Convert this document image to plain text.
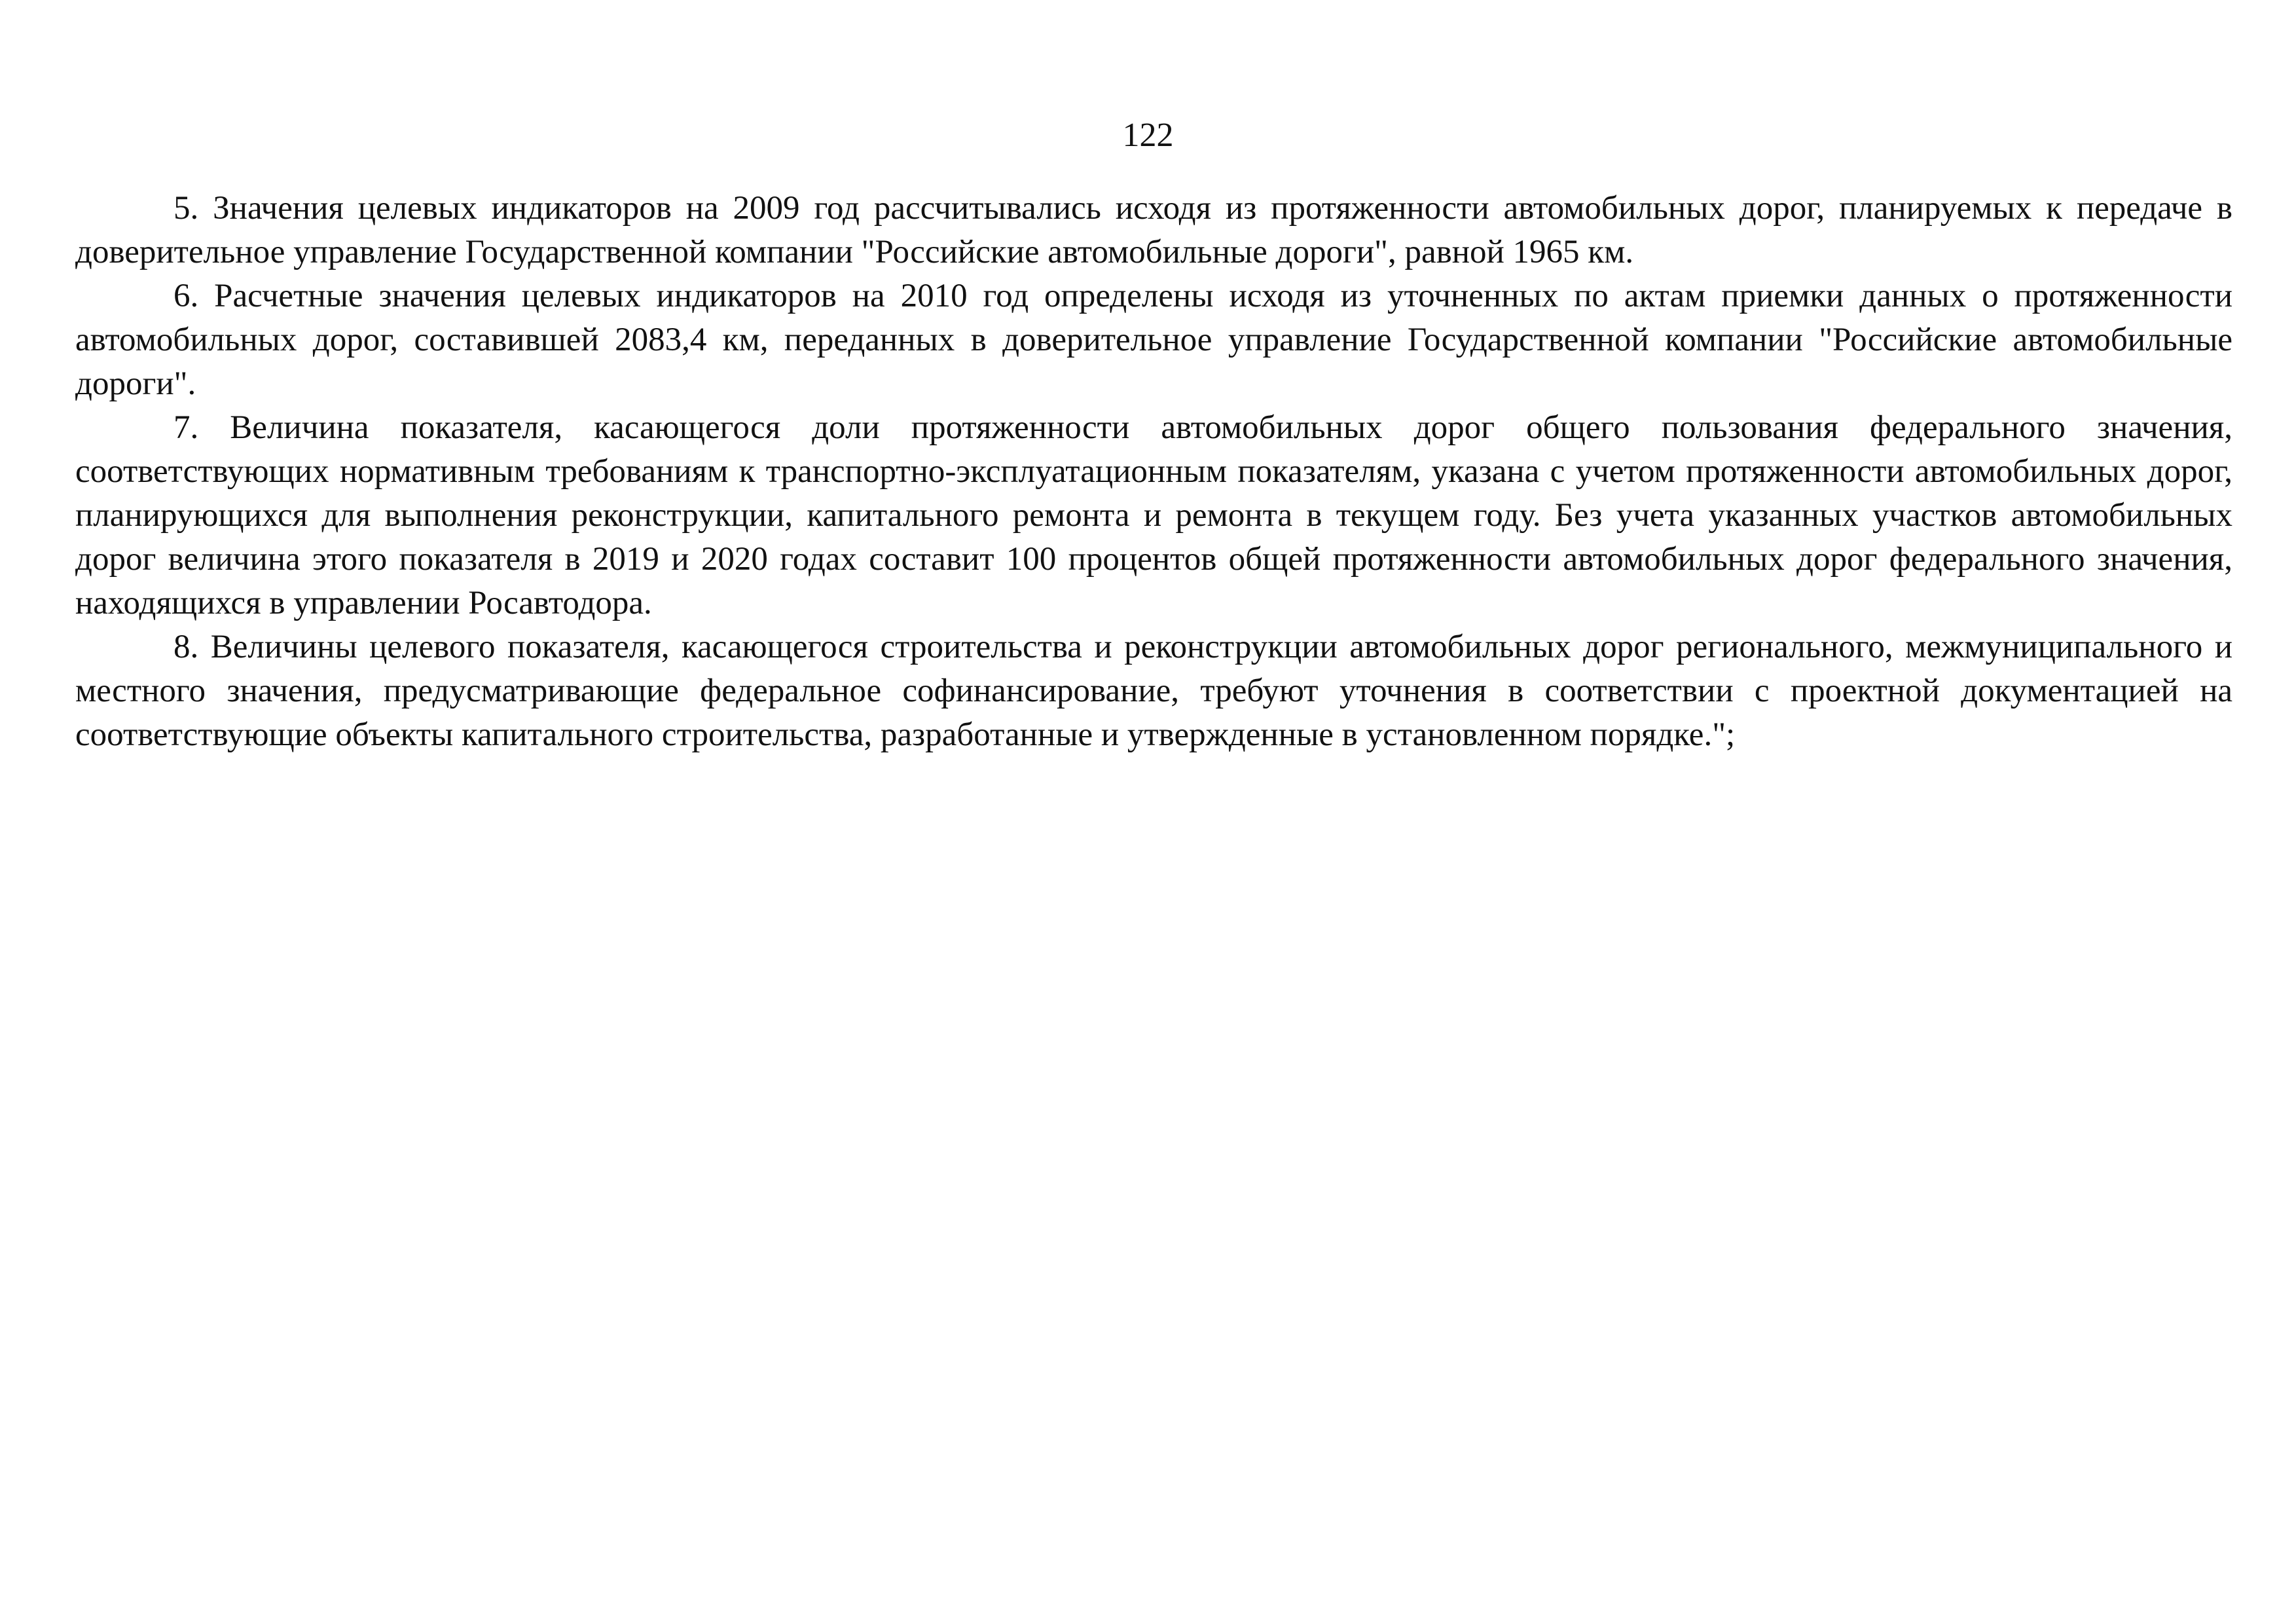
122

5. Значения целевых индикаторов на 2009 год рассчитывались исходя из протяженности автомобильных дорог, планируемых к передаче в доверительное управление Государственной компании "Российские автомобильные дороги", равной 1965 км.

6. Расчетные значения целевых индикаторов на 2010 год определены исходя из уточненных по актам приемки данных о протяженности автомобильных дорог, составившей 2083,4 км, переданных в доверительное управление Государственной компании "Российские автомобильные дороги".

7. Величина показателя, касающегося доли протяженности автомобильных дорог общего пользования федерального значения, соответствующих нормативным требованиям к транспортно-эксплуатационным показателям, указана с учетом протяженности автомобильных дорог, планирующихся для выполнения реконструкции, капитального ремонта и ремонта в текущем году. Без учета указанных участков автомобильных дорог величина этого показателя в 2019 и 2020 годах составит 100 процентов общей протяженности автомобильных дорог федерального значения, находящихся в управлении Росавтодора.

8. Величины целевого показателя, касающегося строительства и реконструкции автомобильных дорог регионального, межмуниципального и местного значения, предусматривающие федеральное софинансирование, требуют уточнения в соответствии с проектной документацией на соответствующие объекты капитального строительства, разработанные и утвержденные в установленном порядке.";
